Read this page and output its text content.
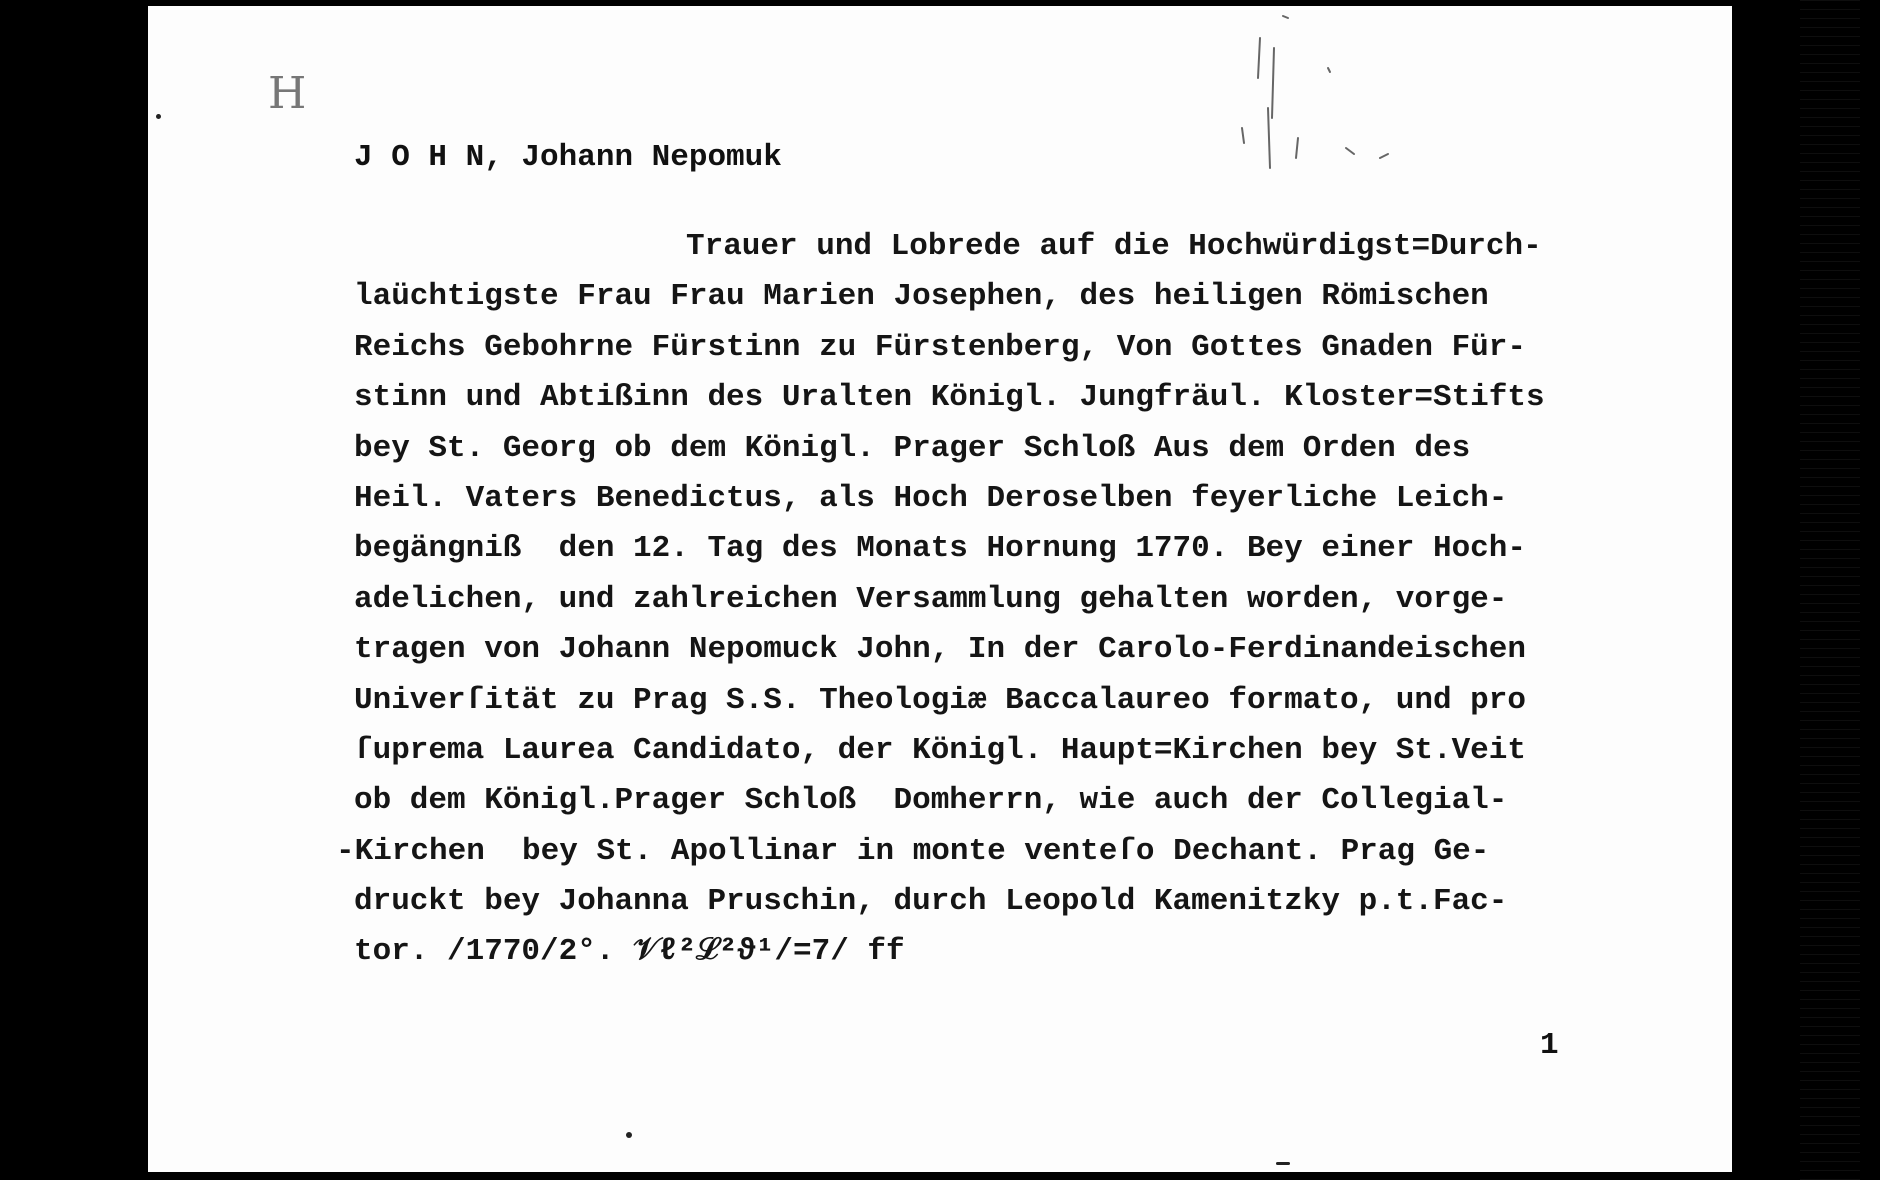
H
J O H N, Johann Nepomuk
Trauer und Lobrede auf die Hochwürdigst=Durch-
laüchtigste Frau Frau Marien Josephen, des heiligen Römischen
Reichs Gebohrne Fürstinn zu Fürstenberg, Von Gottes Gnaden Für-
stinn und Abtißinn des Uralten Königl. Jungfräul. Kloster=Stifts
bey St. Georg ob dem Königl. Prager Schloß Aus dem Orden des
Heil. Vaters Benedictus, als Hoch Deroselben feyerliche Leich-
begängniß  den 12. Tag des Monats Hornung 1770. Bey einer Hoch-
adelichen, und zahlreichen Versammlung gehalten worden, vorge-
tragen von Johann Nepomuck John, In der Carolo-Ferdinandeischen
Univerſität zu Prag S.S. Theologiæ Baccalaureo formato, und pro
ſuprema Laurea Candidato, der Königl. Haupt=Kirchen bey St.Veit
ob dem Königl.Prager Schloß  Domherrn, wie auch der Collegial-
-Kirchen  bey St. Apollinar in monte venteſo Dechant. Prag Ge-
druckt bey Johanna Pruschin, durch Leopold Kamenitzky p.t.Fac-
tor. /1770/2°. 𝒱ℓ²ℒ²ϑ¹/=7/ ff
1
